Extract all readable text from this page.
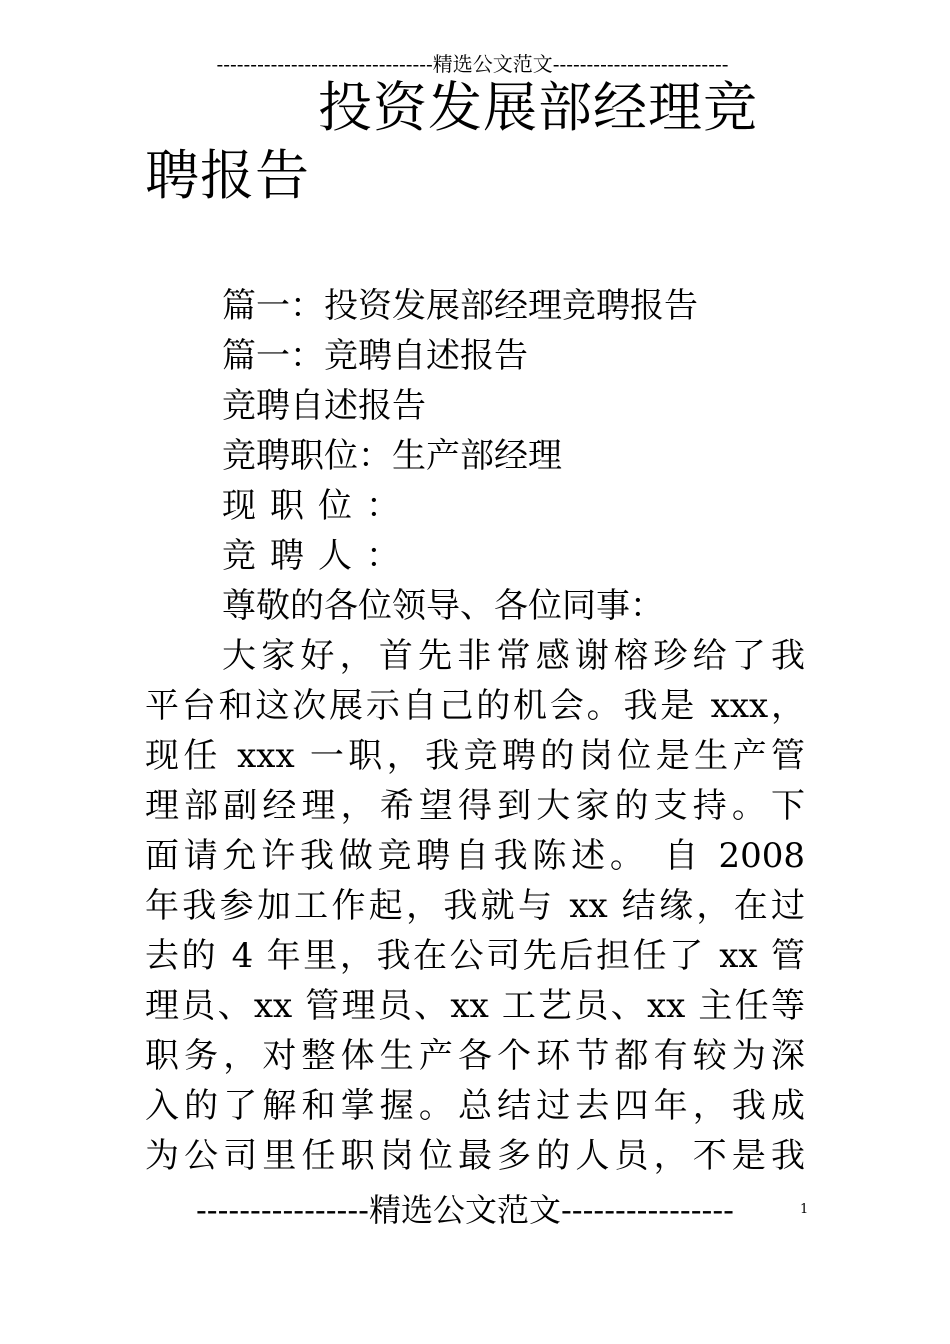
--------------------------------精选公文范文--------------------------
投资发展部经理竞
聘报告
篇一：投资发展部经理竞聘报告
篇一：竞聘自述报告
竞聘自述报告
竞聘职位：生产部经理
现职位：
竞聘人：
尊敬的各位领导、各位同事：
大家好，首先非常感谢榕珍给了我
平台和这次展示自己的机会。我是 xxx，
现任 xxx 一职，我竞聘的岗位是生产管
理部副经理，希望得到大家的支持。下
面请允许我做竞聘自我陈述。 自 2008
年我参加工作起，我就与 xx 结缘，在过
去的 4 年里，我在公司先后担任了 xx 管
理员、xx 管理员、xx 工艺员、xx 主任等
职务，对整体生产各个环节都有较为深
入的了解和掌握。总结过去四年，我成
为公司里任职岗位最多的人员，不是我
----------------精选公文范文----------------	1
